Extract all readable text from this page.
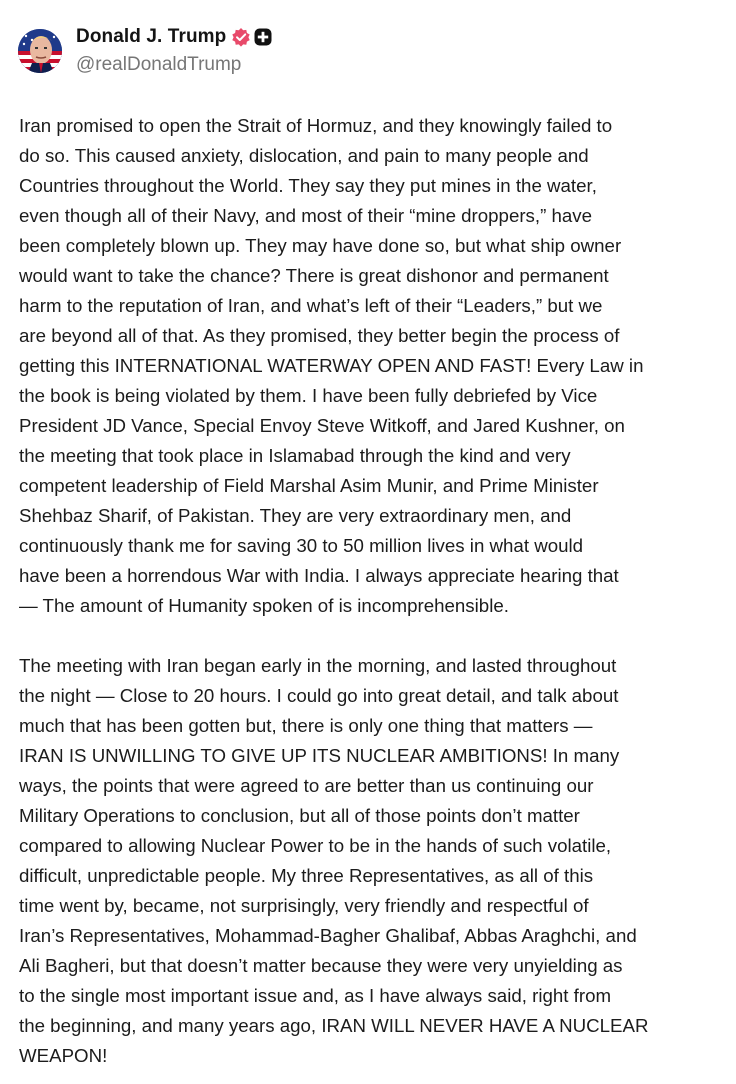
Donald J. Trump
@realDonaldTrump

Iran promised to open the Strait of Hormuz, and they knowingly failed to
do so. This caused anxiety, dislocation, and pain to many people and
Countries throughout the World. They say they put mines in the water,
even though all of their Navy, and most of their “mine droppers,” have
been completely blown up. They may have done so, but what ship owner
would want to take the chance? There is great dishonor and permanent
harm to the reputation of Iran, and what’s left of their “Leaders,” but we
are beyond all of that. As they promised, they better begin the process of
getting this INTERNATIONAL WATERWAY OPEN AND FAST! Every Law in
the book is being violated by them. I have been fully debriefed by Vice
President JD Vance, Special Envoy Steve Witkoff, and Jared Kushner, on
the meeting that took place in Islamabad through the kind and very
competent leadership of Field Marshal Asim Munir, and Prime Minister
Shehbaz Sharif, of Pakistan. They are very extraordinary men, and
continuously thank me for saving 30 to 50 million lives in what would
have been a horrendous War with India. I always appreciate hearing that
— The amount of Humanity spoken of is incomprehensible.

The meeting with Iran began early in the morning, and lasted throughout
the night — Close to 20 hours. I could go into great detail, and talk about
much that has been gotten but, there is only one thing that matters —
IRAN IS UNWILLING TO GIVE UP ITS NUCLEAR AMBITIONS! In many
ways, the points that were agreed to are better than us continuing our
Military Operations to conclusion, but all of those points don’t matter
compared to allowing Nuclear Power to be in the hands of such volatile,
difficult, unpredictable people. My three Representatives, as all of this
time went by, became, not surprisingly, very friendly and respectful of
Iran’s Representatives, Mohammad-Bagher Ghalibaf, Abbas Araghchi, and
Ali Bagheri, but that doesn’t matter because they were very unyielding as
to the single most important issue and, as I have always said, right from
the beginning, and many years ago, IRAN WILL NEVER HAVE A NUCLEAR
WEAPON!
